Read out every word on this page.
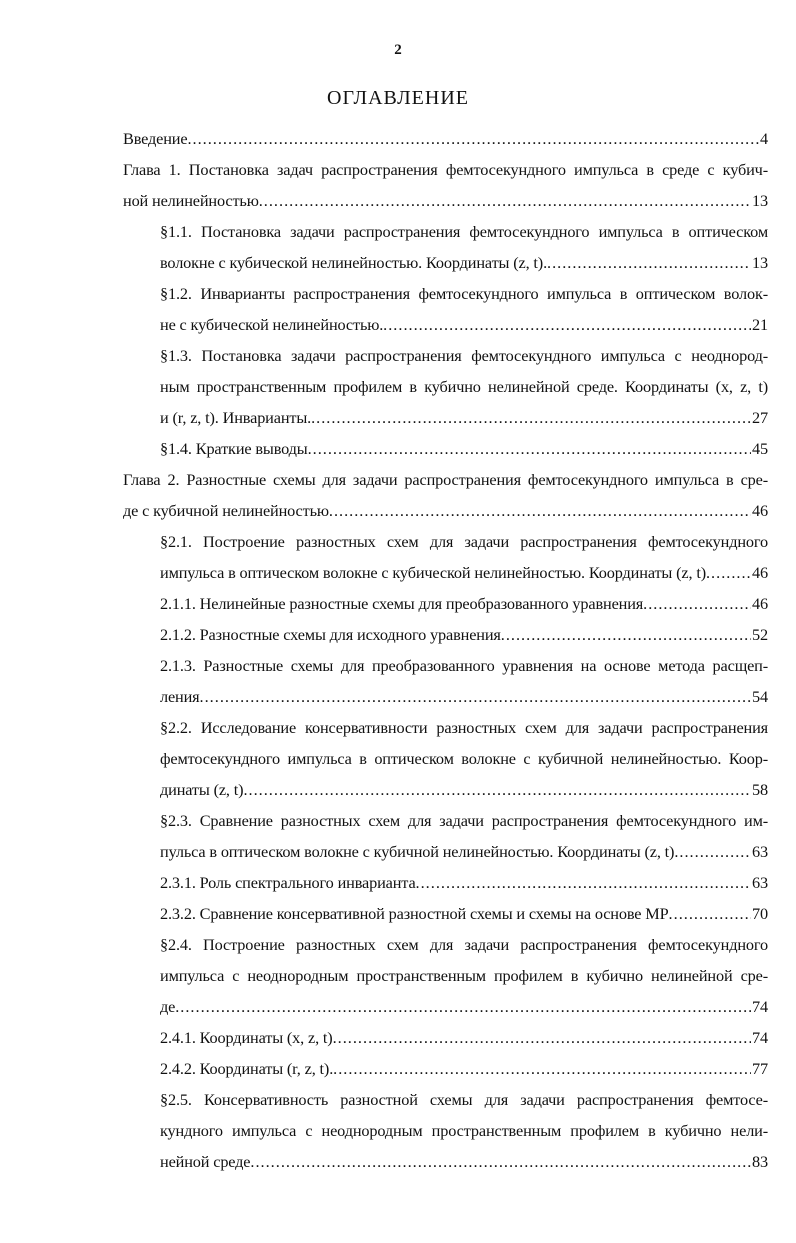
2
ОГЛАВЛЕНИЕ
Введение .....	4
Глава 1. Постановка задач распространения фемтосекундного импульса в среде с кубич-
ной нелинейностью .....	13
§1.1. Постановка задачи распространения фемтосекундного импульса в оптическом
волокне с кубической нелинейностью. Координаты (z, t). .....	13
§1.2. Инварианты распространения фемтосекундного импульса в оптическом волок-
не с кубической нелинейностью. .....	21
§1.3. Постановка задачи распространения фемтосекундного импульса с неоднород-
ным пространственным профилем в кубично нелинейной среде. Координаты (x, z, t)
и (r, z, t). Инварианты. .....	27
§1.4. Краткие выводы .....	45
Глава 2. Разностные схемы для задачи распространения фемтосекундного импульса в сре-
де с кубичной нелинейностью .....	46
§2.1. Построение разностных схем для задачи распространения фемтосекундного
импульса в оптическом волокне с кубической нелинейностью. Координаты (z, t) .....	46
2.1.1. Нелинейные разностные схемы для преобразованного уравнения .....	46
2.1.2. Разностные схемы для исходного уравнения .....	52
2.1.3. Разностные схемы для преобразованного уравнения на основе метода расщеп-
ления .....	54
§2.2. Исследование консервативности разностных схем для задачи распространения
фемтосекундного импульса в оптическом волокне с кубичной нелинейностью. Коор-
динаты (z, t) .....	58
§2.3. Сравнение разностных схем для задачи распространения фемтосекундного им-
пульса в оптическом волокне с кубичной нелинейностью. Координаты (z, t) .....	63
2.3.1. Роль спектрального инварианта .....	63
2.3.2. Сравнение консервативной разностной схемы и схемы на основе МР .....	70
§2.4. Построение разностных схем для задачи распространения фемтосекундного
импульса с неоднородным пространственным профилем в кубично нелинейной сре-
де .....	74
2.4.1. Координаты (x, z, t) .....	74
2.4.2. Координаты (r, z, t). .....	77
§2.5. Консервативность разностной схемы для задачи распространения фемтосе-
кундного импульса с неоднородным пространственным профилем в кубично нели-
нейной среде .....	83
